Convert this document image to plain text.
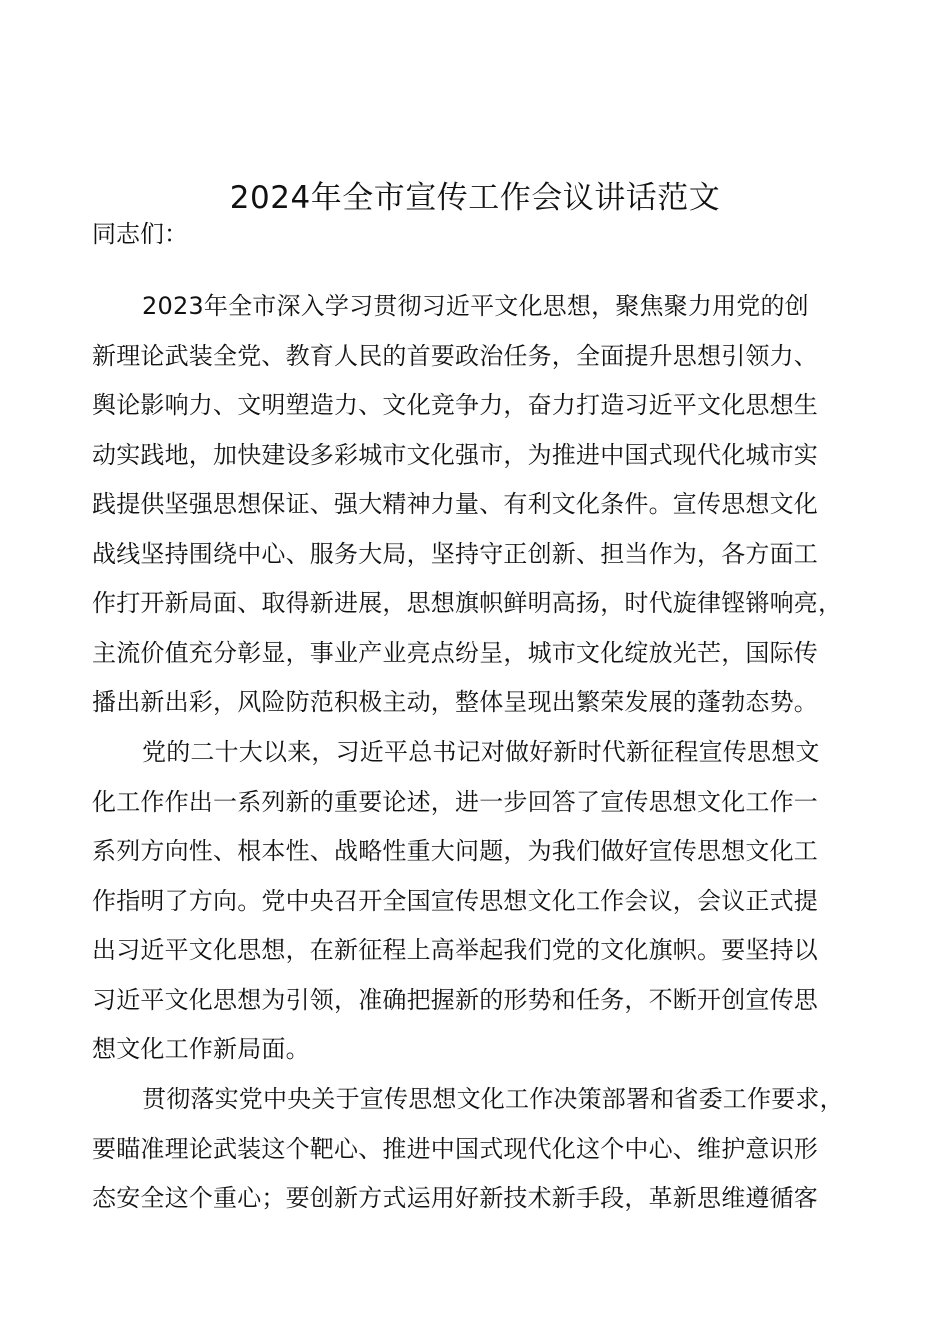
2024年全市宣传工作会议讲话范文
同志们：
2023年全市深入学习贯彻习近平文化思想，聚焦聚力用党的创
新理论武装全党、教育人民的首要政治任务，全面提升思想引领力、
舆论影响力、文明塑造力、文化竞争力，奋力打造习近平文化思想生
动实践地，加快建设多彩城市文化强市，为推进中国式现代化城市实
践提供坚强思想保证、强大精神力量、有利文化条件。宣传思想文化
战线坚持围绕中心、服务大局，坚持守正创新、担当作为，各方面工
作打开新局面、取得新进展，思想旗帜鲜明高扬，时代旋律铿锵响亮，
主流价值充分彰显，事业产业亮点纷呈，城市文化绽放光芒，国际传
播出新出彩，风险防范积极主动，整体呈现出繁荣发展的蓬勃态势。
党的二十大以来，习近平总书记对做好新时代新征程宣传思想文
化工作作出一系列新的重要论述，进一步回答了宣传思想文化工作一
系列方向性、根本性、战略性重大问题，为我们做好宣传思想文化工
作指明了方向。党中央召开全国宣传思想文化工作会议，会议正式提
出习近平文化思想，在新征程上高举起我们党的文化旗帜。要坚持以
习近平文化思想为引领，准确把握新的形势和任务，不断开创宣传思
想文化工作新局面。
贯彻落实党中央关于宣传思想文化工作决策部署和省委工作要求，
要瞄准理论武装这个靶心、推进中国式现代化这个中心、维护意识形
态安全这个重心；要创新方式运用好新技术新手段，革新思维遵循客
